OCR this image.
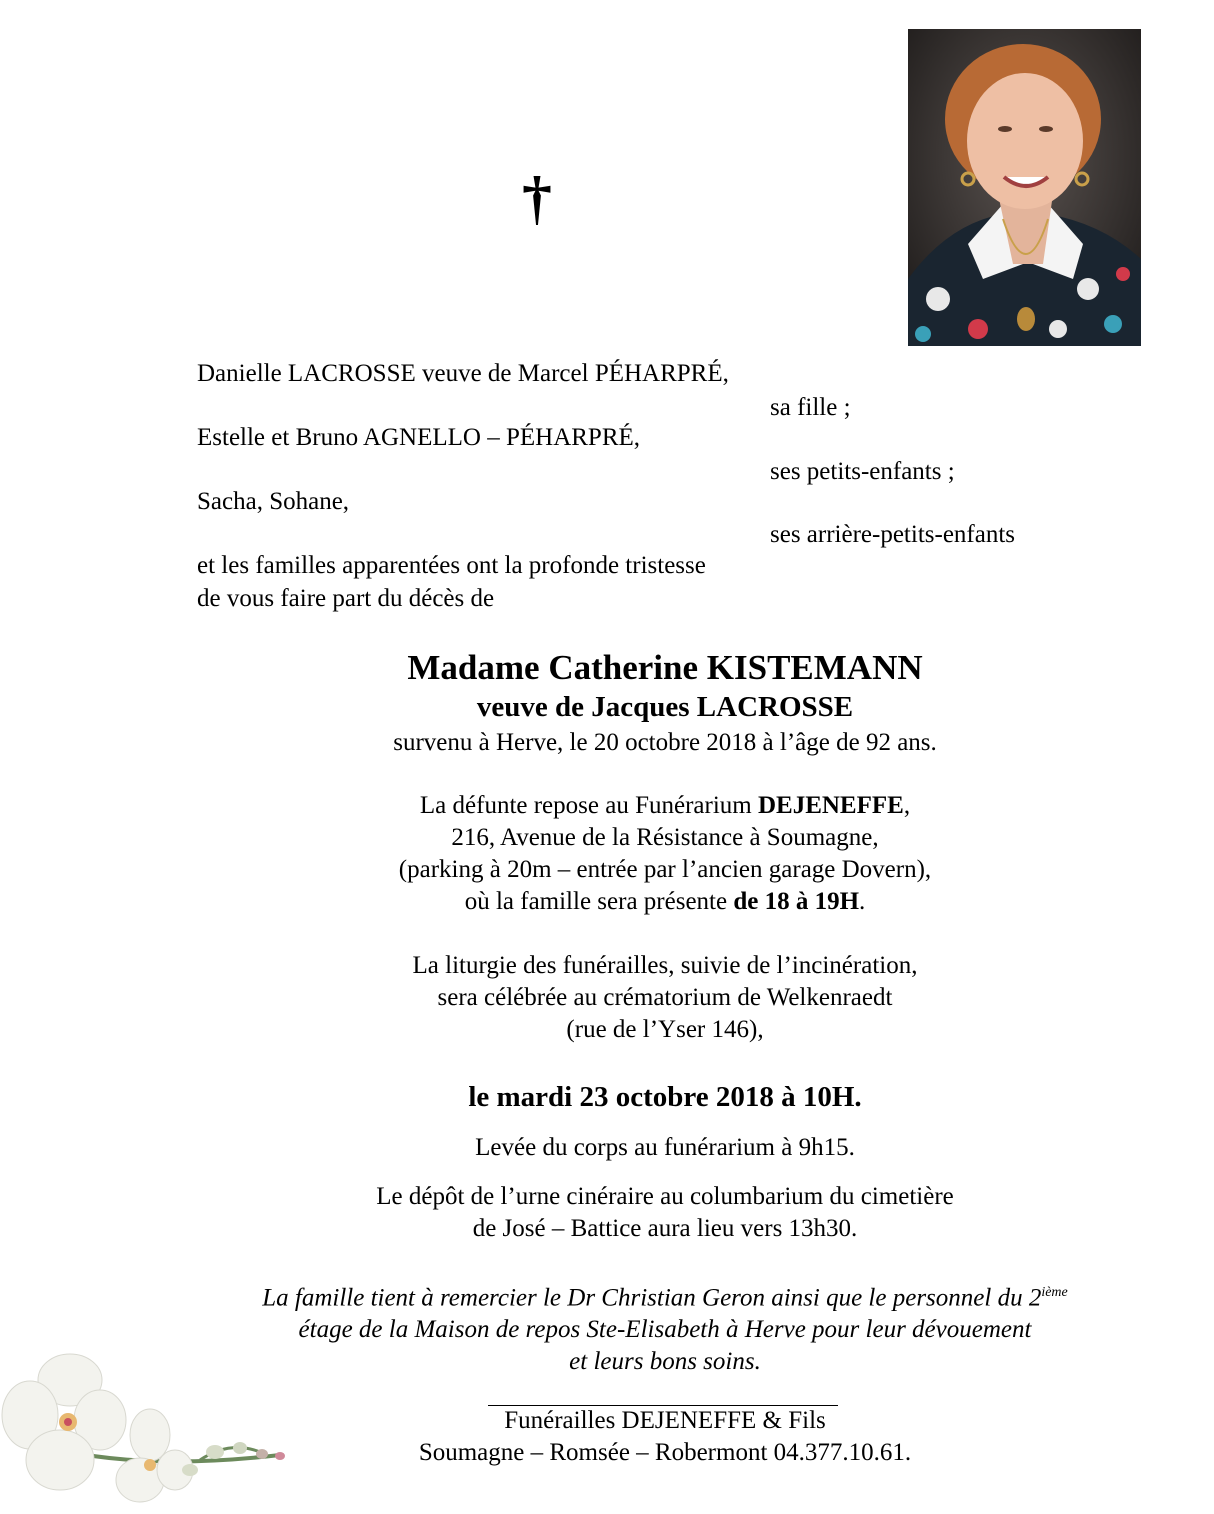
†
Danielle LACROSSE veuve de Marcel PÉHARPRÉ,
sa fille ;
Estelle et Bruno AGNELLO – PÉHARPRÉ,
ses petits-enfants ;
Sacha, Sohane,
ses arrière-petits-enfants
et les familles apparentées ont la profonde tristesse
de vous faire part du décès de
Madame Catherine KISTEMANN
veuve de Jacques LACROSSE
survenu à Herve, le 20 octobre 2018 à l’âge de 92 ans.
La défunte repose au Funérarium DEJENEFFE,
216, Avenue de la Résistance à Soumagne,
(parking à 20m – entrée par l’ancien garage Dovern),
où la famille sera présente de 18 à 19H.
La liturgie des funérailles, suivie de l’incinération,
sera célébrée au crématorium de Welkenraedt
(rue de l’Yser 146),
le mardi 23 octobre 2018 à 10H.
Levée du corps au funérarium à 9h15.
Le dépôt de l’urne cinéraire au columbarium du cimetière
de José – Battice aura lieu vers 13h30.
La famille tient à remercier le Dr Christian Geron ainsi que le personnel du 2ième
étage de la Maison de repos Ste-Elisabeth à Herve pour leur dévouement
et leurs bons soins.
Funérailles DEJENEFFE & Fils
Soumagne – Romsée – Robermont 04.377.10.61.
